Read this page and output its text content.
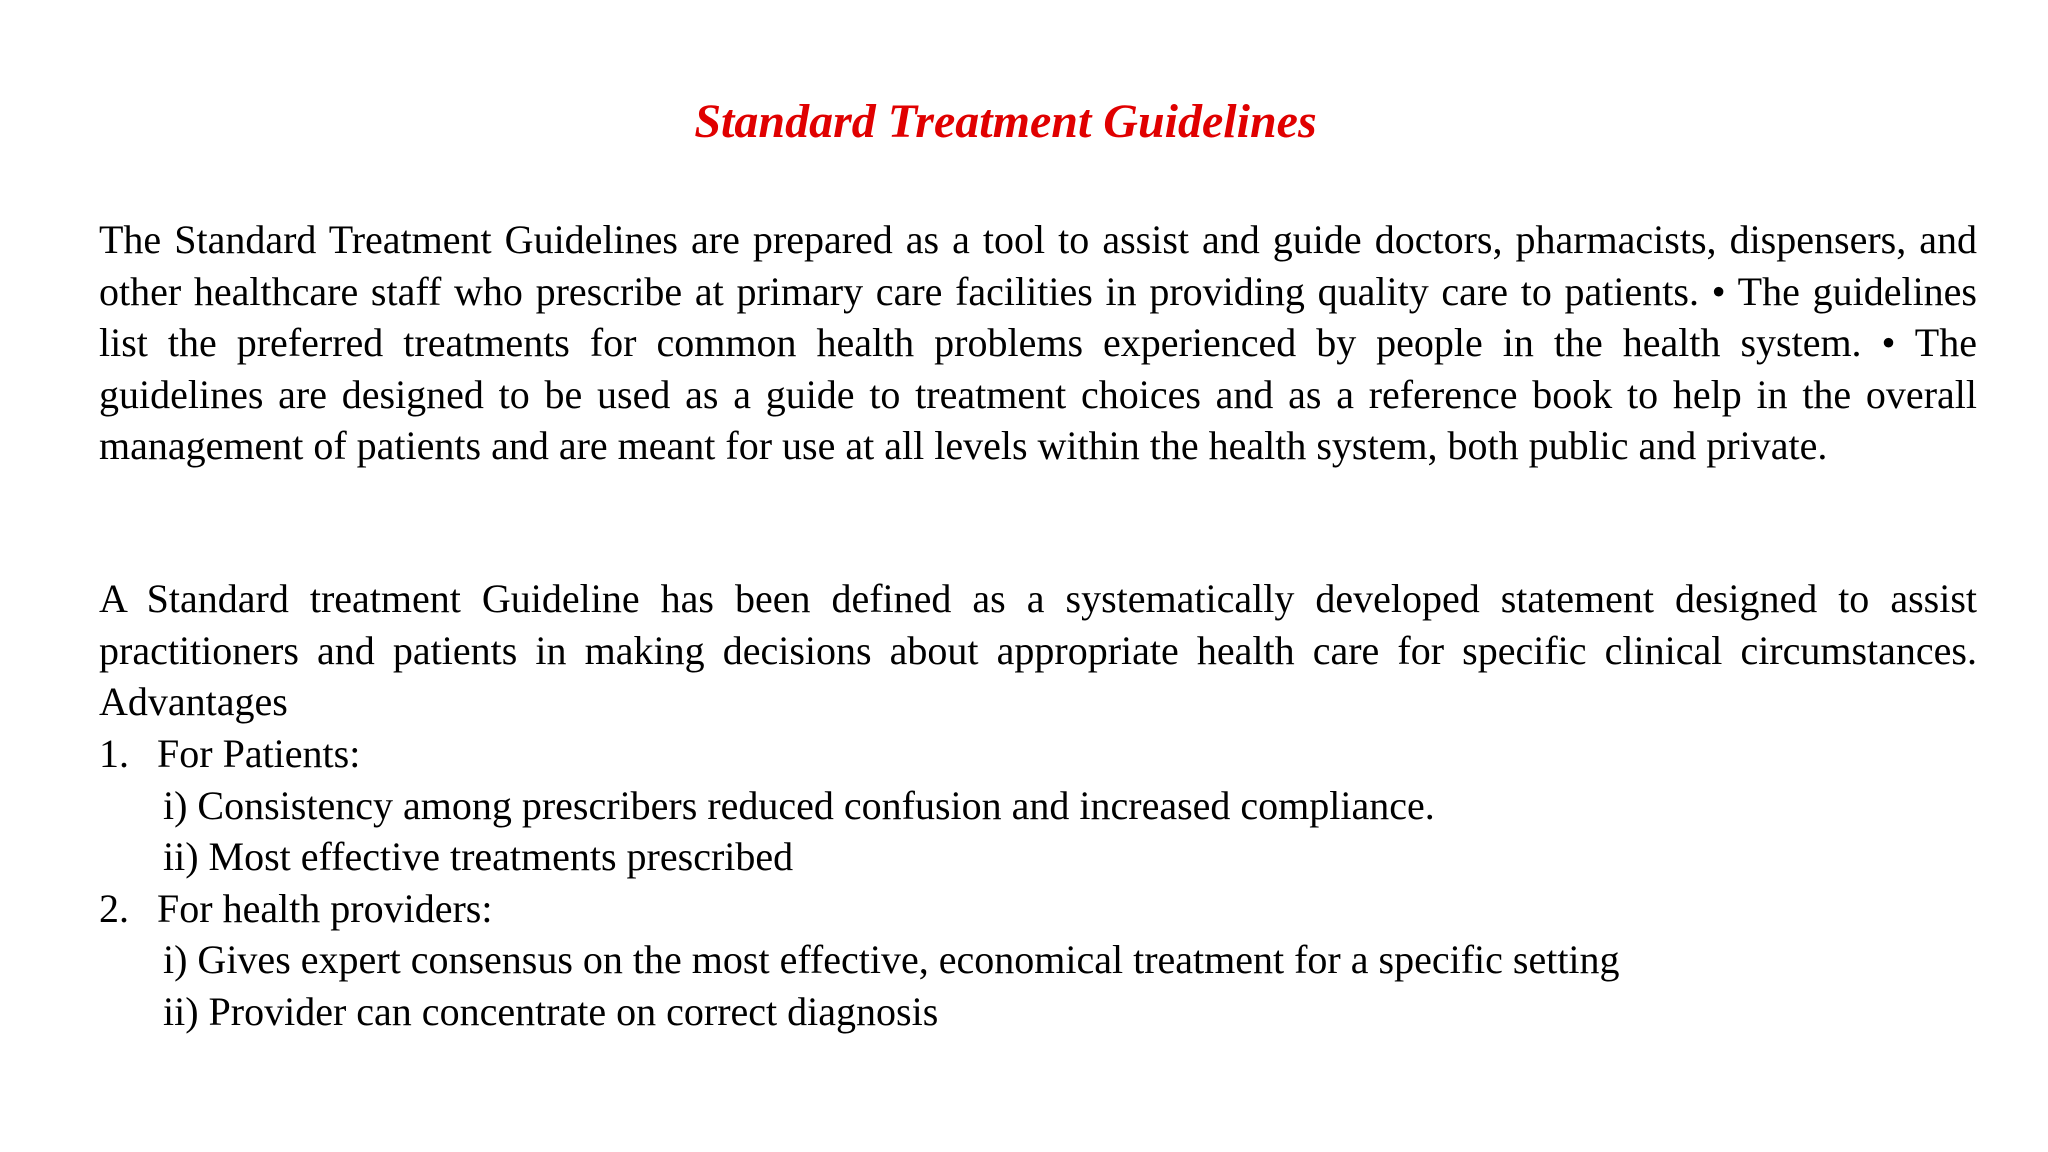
Standard Treatment Guidelines

The Standard Treatment Guidelines are prepared as a tool to assist and guide doctors, pharmacists, dispensers, and other healthcare staff who prescribe at primary care facilities in providing quality care to patients. • The guidelines list the preferred treatments for common health problems experienced by people in the health system. • The guidelines are designed to be used as a guide to treatment choices and as a reference book to help in the overall management of patients and are meant for use at all levels within the health system, both public and private.

A Standard treatment Guideline has been defined as a systematically developed statement designed to assist practitioners and patients in making decisions about appropriate health care for specific clinical circumstances. Advantages

1. For Patients:
i) Consistency among prescribers reduced confusion and increased compliance.
ii) Most effective treatments prescribed
2. For health providers:
i) Gives expert consensus on the most effective, economical treatment for a specific setting
ii) Provider can concentrate on correct diagnosis
